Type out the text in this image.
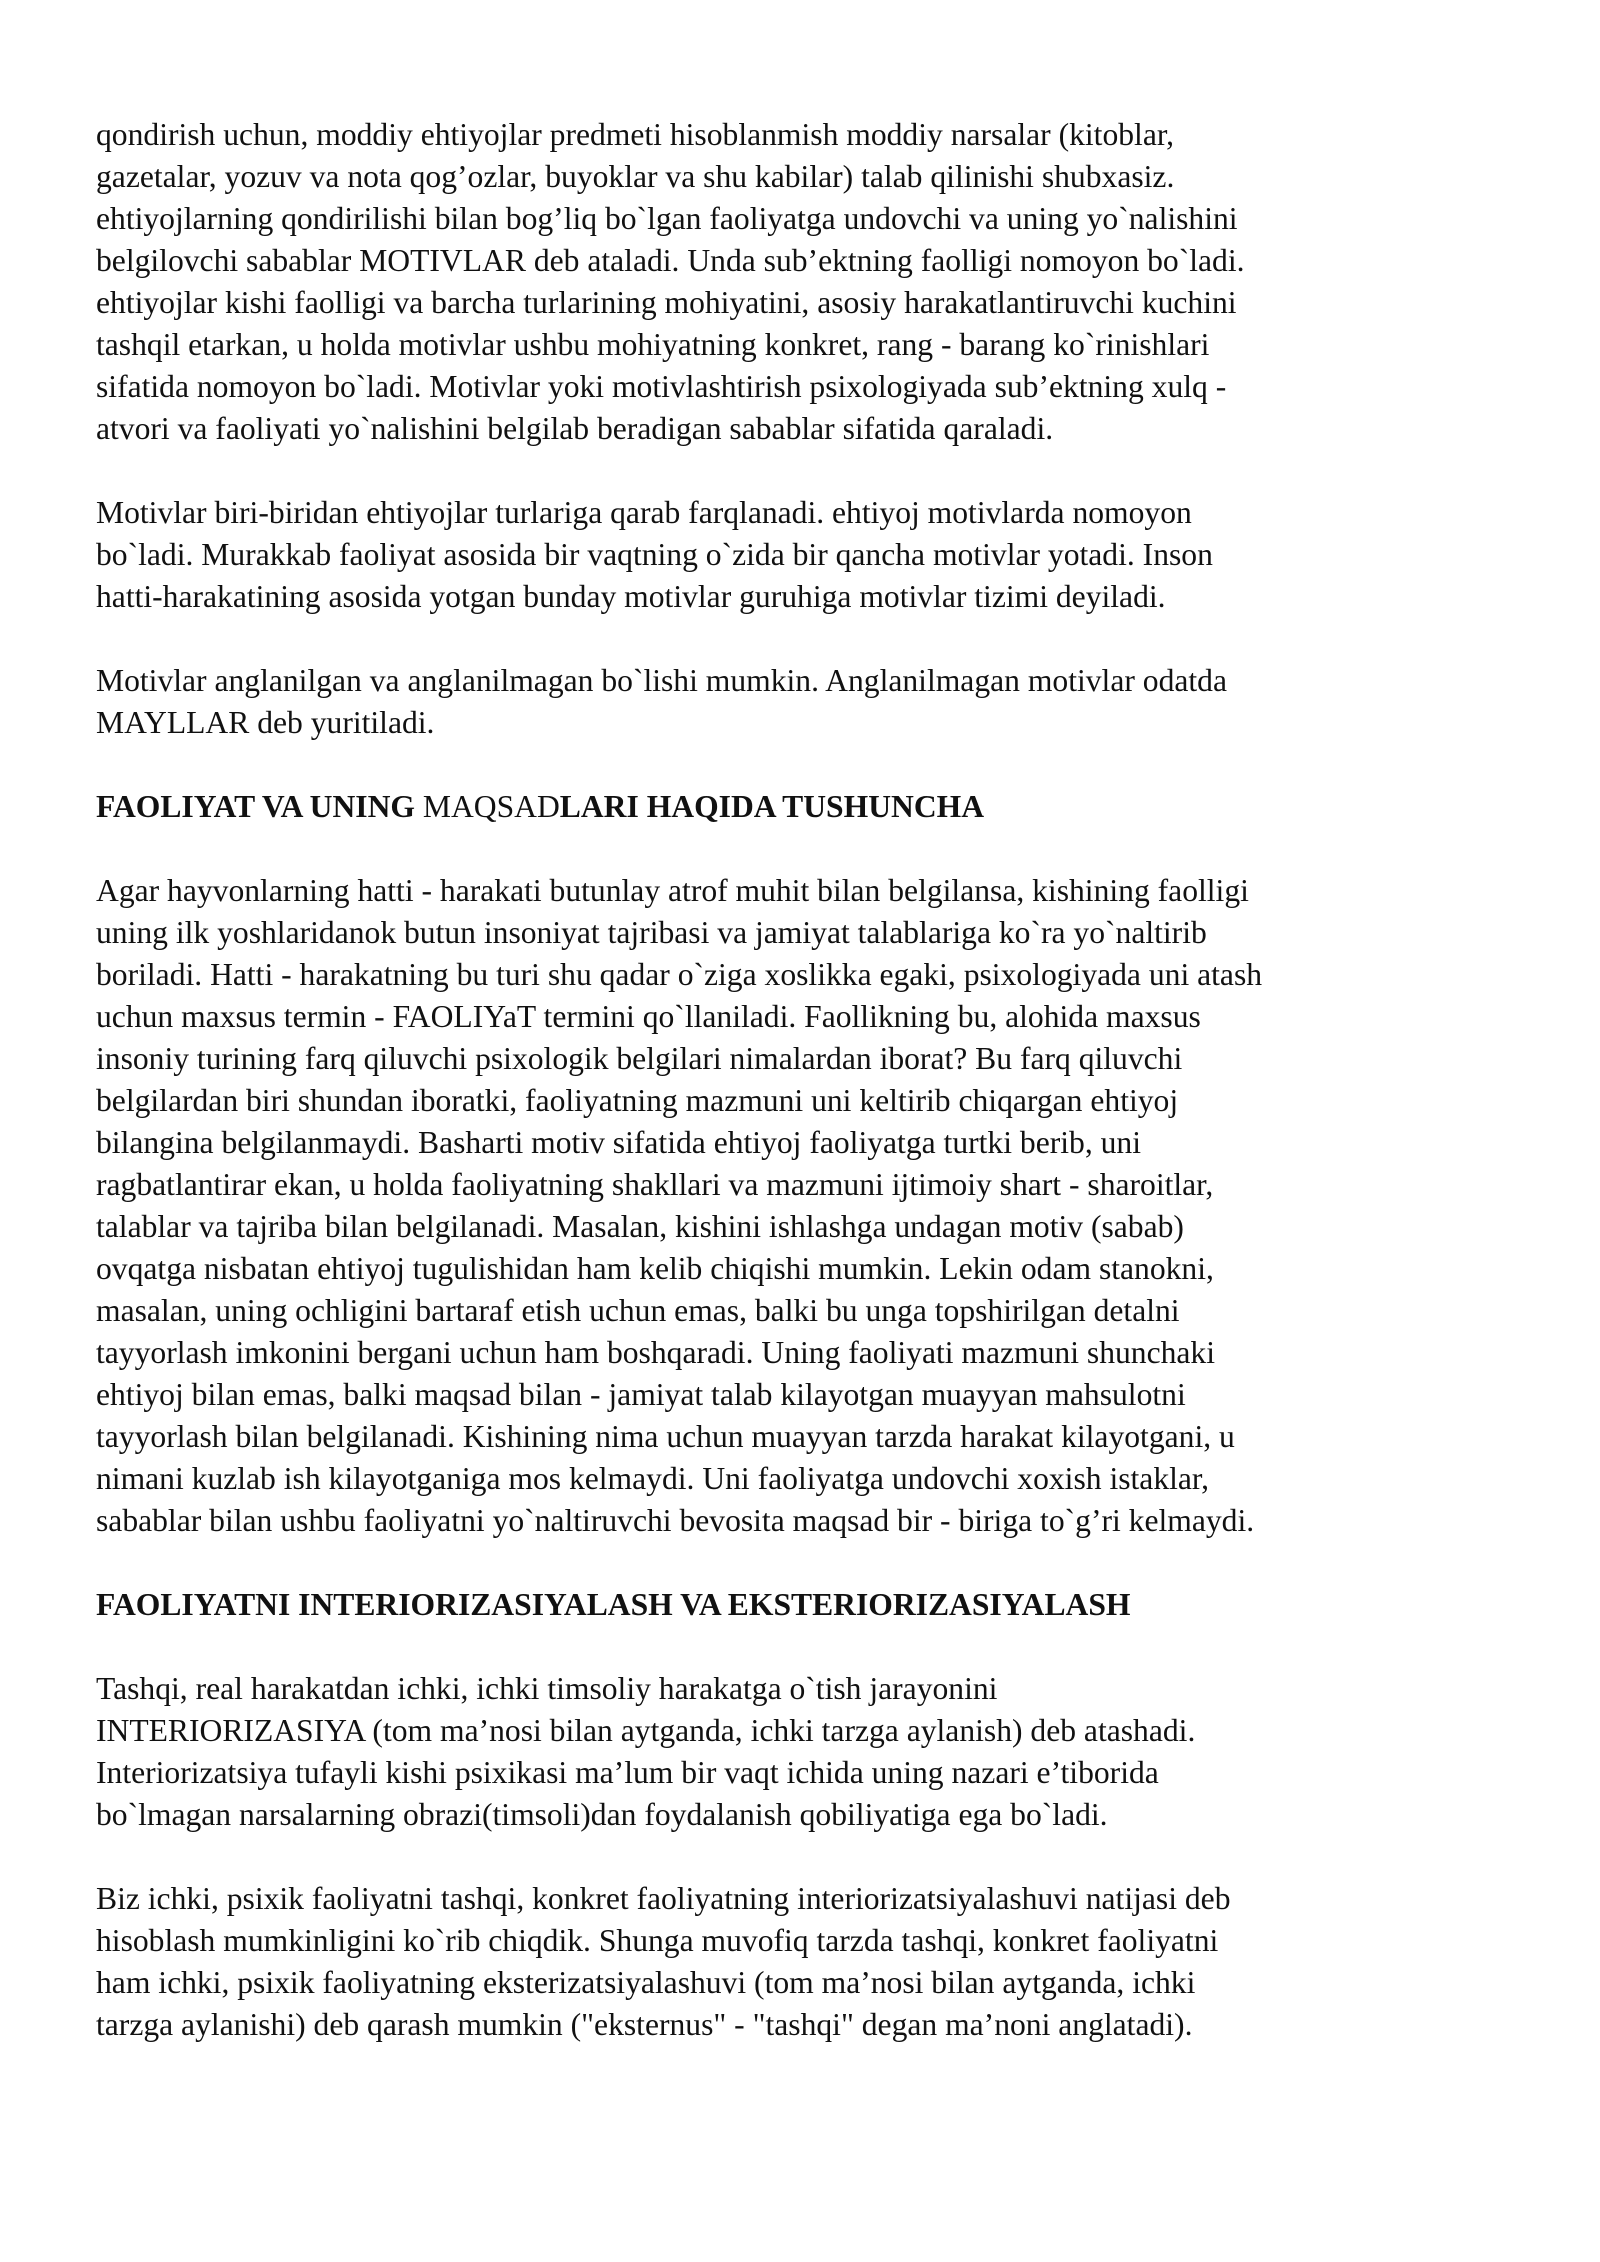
qondirish uchun, moddiy ehtiyojlar predmeti hisoblanmish moddiy narsalar (kitoblar,
gazetalar, yozuv va nota qog’ozlar, buyoklar va shu kabilar) talab qilinishi shubxasiz.
ehtiyojlarning qondirilishi bilan bog’liq bo`lgan faoliyatga undovchi va uning yo`nalishini
belgilovchi sabablar MOTIVLAR deb ataladi. Unda sub’ektning faolligi nomoyon bo`ladi.
ehtiyojlar kishi faolligi va barcha turlarining mohiyatini, asosiy harakatlantiruvchi kuchini
tashqil etarkan, u holda motivlar ushbu mohiyatning konkret, rang - barang ko`rinishlari
sifatida nomoyon bo`ladi. Motivlar yoki motivlashtirish psixologiyada sub’ektning xulq -
atvori va faoliyati yo`nalishini belgilab beradigan sabablar sifatida qaraladi.

Motivlar biri-biridan ehtiyojlar turlariga qarab farqlanadi. ehtiyoj motivlarda nomoyon
bo`ladi. Murakkab faoliyat asosida bir vaqtning o`zida bir qancha motivlar yotadi. Inson
hatti-harakatining asosida yotgan bunday motivlar guruhiga motivlar tizimi deyiladi.

Motivlar anglanilgan va anglanilmagan bo`lishi mumkin. Anglanilmagan motivlar odatda
MAYLLAR deb yuritiladi.

FAOLIYAT VA UNING MAQSADLARI HAQIDA TUSHUNCHA

Agar hayvonlarning hatti - harakati butunlay atrof muhit bilan belgilansa, kishining faolligi
uning ilk yoshlaridanok butun insoniyat tajribasi va jamiyat talablariga ko`ra yo`naltirib
boriladi. Hatti - harakatning bu turi shu qadar o`ziga xoslikka egaki, psixologiyada uni atash
uchun maxsus termin - FAOLIYaT termini qo`llaniladi. Faollikning bu, alohida maxsus
insoniy turining farq qiluvchi psixologik belgilari nimalardan iborat? Bu farq qiluvchi
belgilardan biri shundan iboratki, faoliyatning mazmuni uni keltirib chiqargan ehtiyoj
bilangina belgilanmaydi. Basharti motiv sifatida ehtiyoj faoliyatga turtki berib, uni
ragbatlantirar ekan, u holda faoliyatning shakllari va mazmuni ijtimoiy shart - sharoitlar,
talablar va tajriba bilan belgilanadi. Masalan, kishini ishlashga undagan motiv (sabab)
ovqatga nisbatan ehtiyoj tugulishidan ham kelib chiqishi mumkin. Lekin odam stanokni,
masalan, uning ochligini bartaraf etish uchun emas, balki bu unga topshirilgan detalni
tayyorlash imkonini bergani uchun ham boshqaradi. Uning faoliyati mazmuni shunchaki
ehtiyoj bilan emas, balki maqsad bilan - jamiyat talab kilayotgan muayyan mahsulotni
tayyorlash bilan belgilanadi. Kishining nima uchun muayyan tarzda harakat kilayotgani, u
nimani kuzlab ish kilayotganiga mos kelmaydi. Uni faoliyatga undovchi xoxish istaklar,
sabablar bilan ushbu faoliyatni yo`naltiruvchi bevosita maqsad bir - biriga to`g’ri kelmaydi.

FAOLIYATNI INTERIORIZASIYALASH VA EKSTERIORIZASIYALASH

Tashqi, real harakatdan ichki, ichki timsoliy harakatga o`tish jarayonini
INTERIORIZASIYA (tom ma’nosi bilan aytganda, ichki tarzga aylanish) deb atashadi.
Interiorizatsiya tufayli kishi psixikasi ma’lum bir vaqt ichida uning nazari e’tiborida
bo`lmagan narsalarning obrazi(timsoli)dan foydalanish qobiliyatiga ega bo`ladi.

Biz ichki, psixik faoliyatni tashqi, konkret faoliyatning interiorizatsiyalashuvi natijasi deb
hisoblash mumkinligini ko`rib chiqdik. Shunga muvofiq tarzda tashqi, konkret faoliyatni
ham ichki, psixik faoliyatning eksterizatsiyalashuvi (tom ma’nosi bilan aytganda, ichki
tarzga aylanishi) deb qarash mumkin ("eksternus" - "tashqi" degan ma’noni anglatadi).
